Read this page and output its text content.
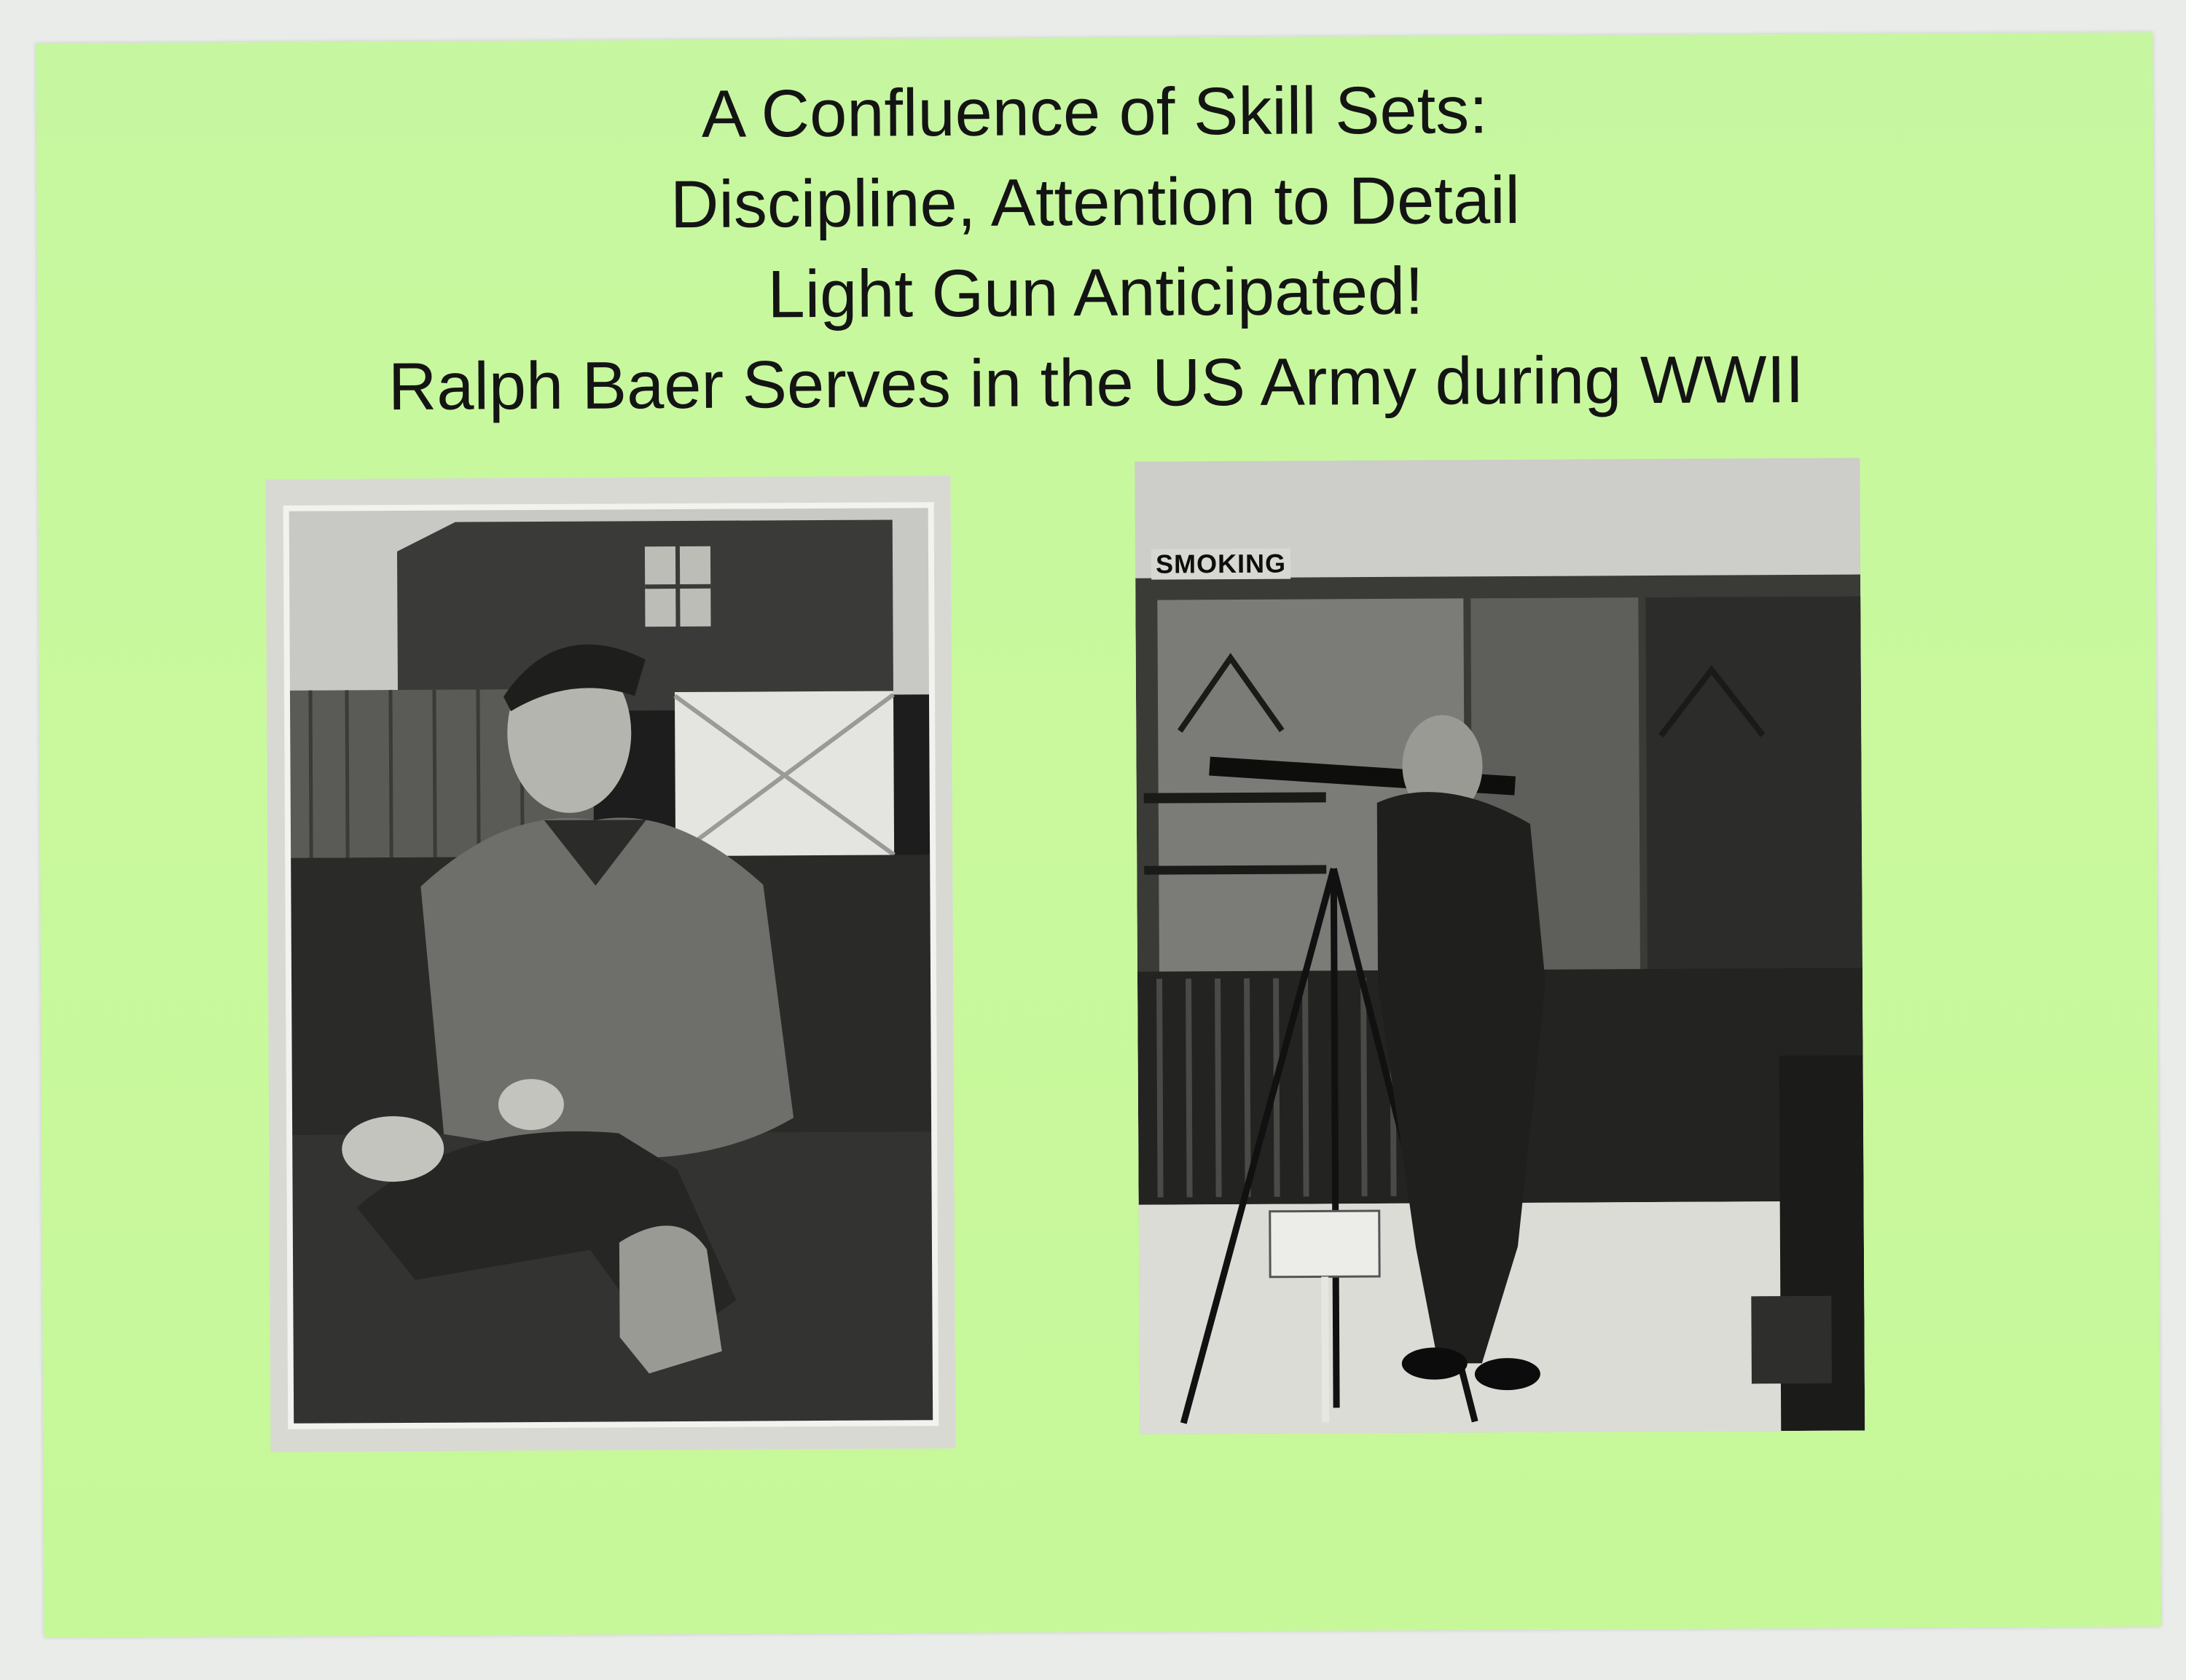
A Confluence of Skill Sets:
Discipline, Attention to Detail
Light Gun Anticipated!
Ralph Baer Serves in the US Army during WWII
SMOKING
